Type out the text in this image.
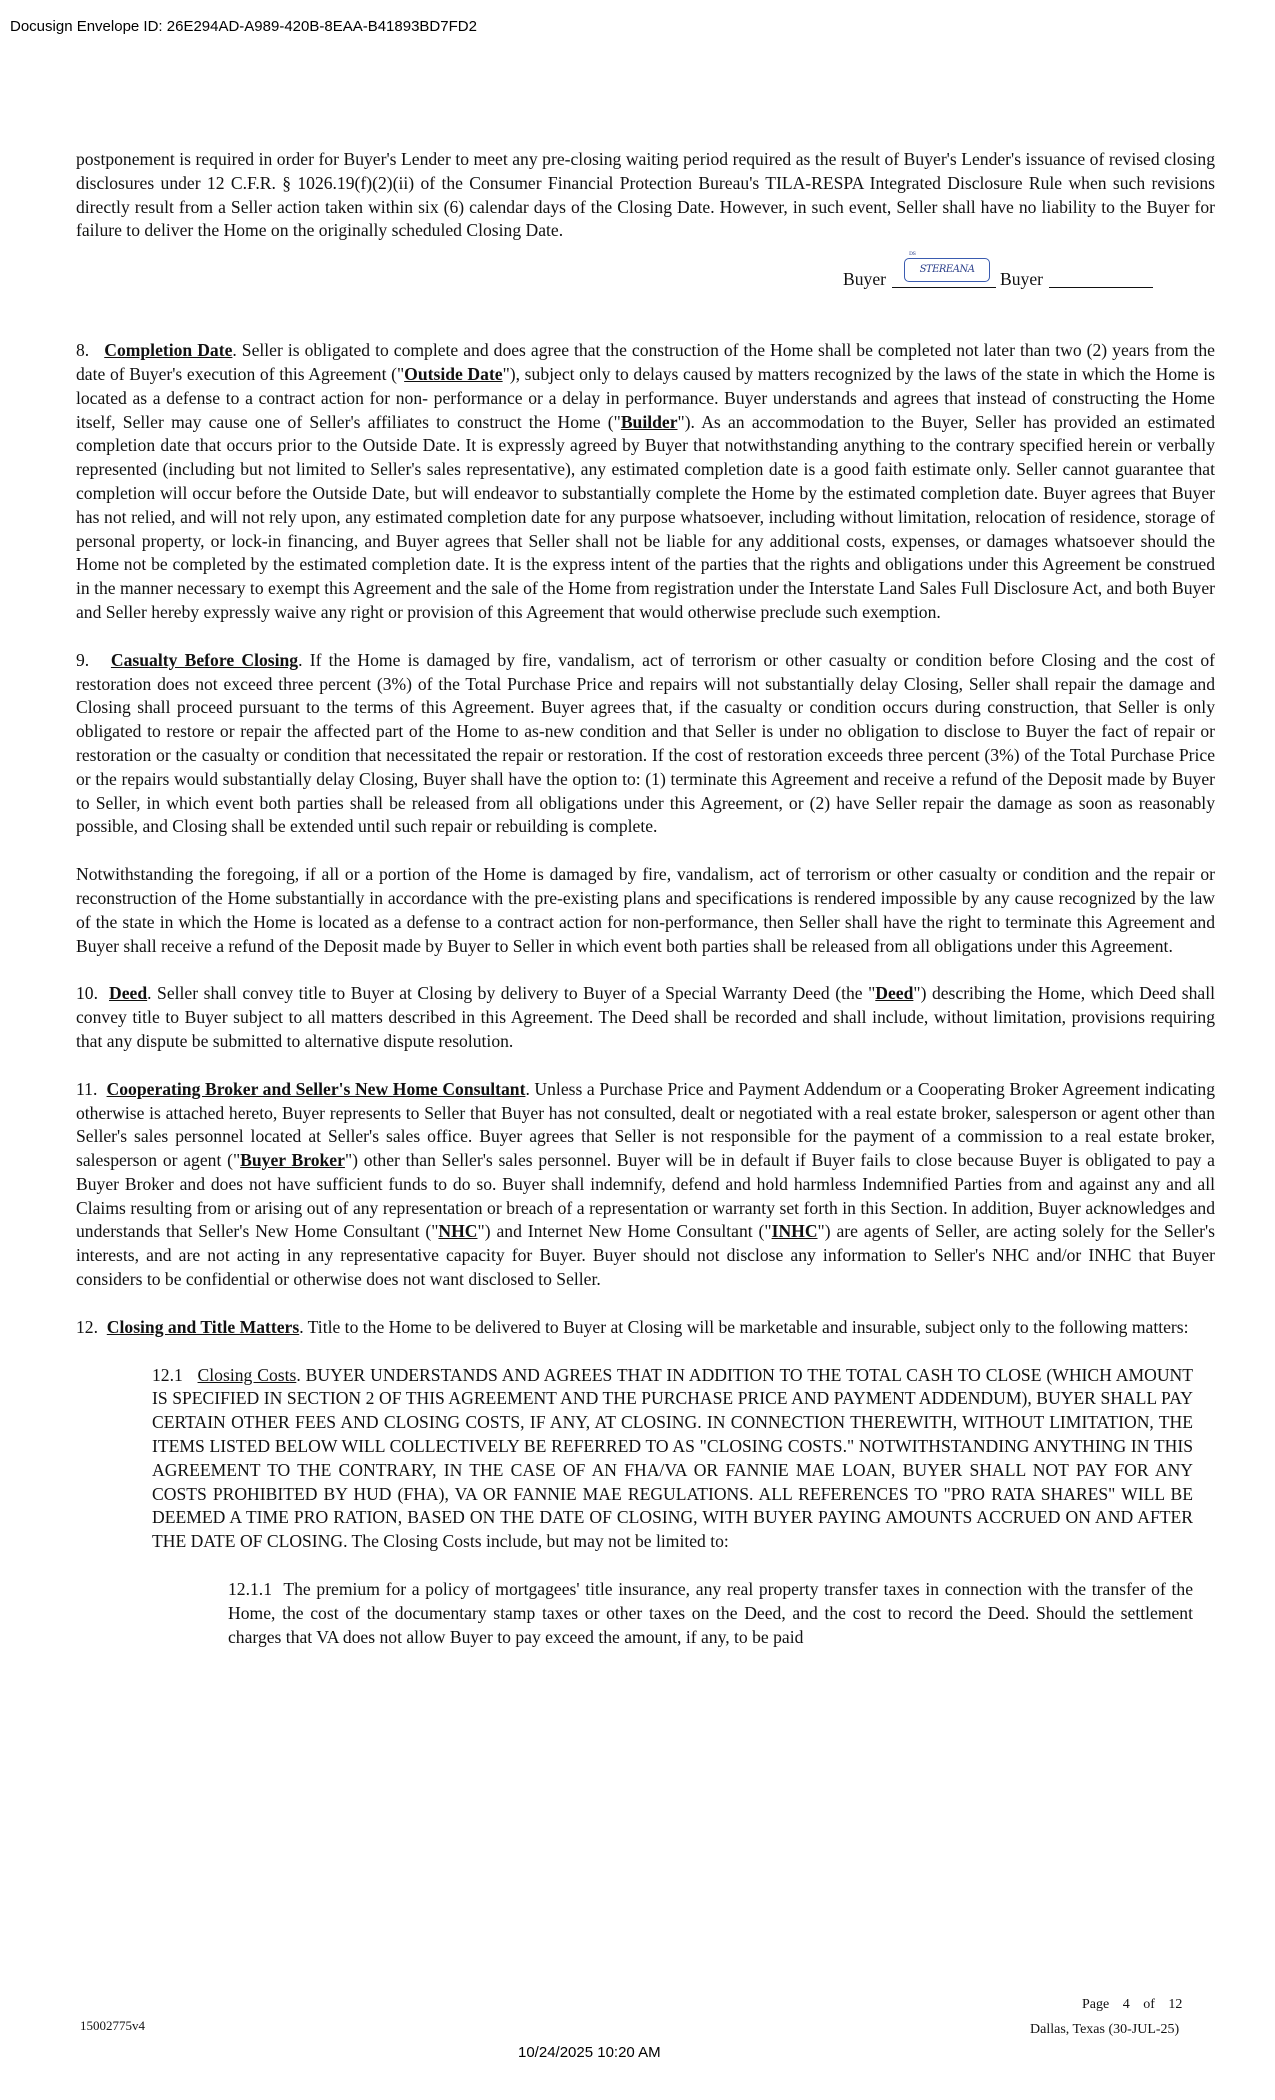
Docusign Envelope ID: 26E294AD-A989-420B-8EAA-B41893BD7FD2

postponement is required in order for Buyer's Lender to meet any pre-closing waiting period required as the result of Buyer's Lender's issuance of revised closing disclosures under 12 C.F.R. § 1026.19(f)(2)(ii) of the Consumer Financial Protection Bureau's TILA-RESPA Integrated Disclosure Rule when such revisions directly result from a Seller action taken within six (6) calendar days of the Closing Date. However, in such event, Seller shall have no liability to the Buyer for failure to deliver the Home on the originally scheduled Closing Date.

Buyer
DS
STEREANA	Buyer

8. Completion Date. Seller is obligated to complete and does agree that the construction of the Home shall be completed not later than two (2) years from the date of Buyer's execution of this Agreement ("Outside Date"), subject only to delays caused by matters recognized by the laws of the state in which the Home is located as a defense to a contract action for non- performance or a delay in performance. Buyer understands and agrees that instead of constructing the Home itself, Seller may cause one of Seller's affiliates to construct the Home ("Builder"). As an accommodation to the Buyer, Seller has provided an estimated completion date that occurs prior to the Outside Date. It is expressly agreed by Buyer that notwithstanding anything to the contrary specified herein or verbally represented (including but not limited to Seller's sales representative), any estimated completion date is a good faith estimate only. Seller cannot guarantee that completion will occur before the Outside Date, but will endeavor to substantially complete the Home by the estimated completion date. Buyer agrees that Buyer has not relied, and will not rely upon, any estimated completion date for any purpose whatsoever, including without limitation, relocation of residence, storage of personal property, or lock-in financing, and Buyer agrees that Seller shall not be liable for any additional costs, expenses, or damages whatsoever should the Home not be completed by the estimated completion date. It is the express intent of the parties that the rights and obligations under this Agreement be construed in the manner necessary to exempt this Agreement and the sale of the Home from registration under the Interstate Land Sales Full Disclosure Act, and both Buyer and Seller hereby expressly waive any right or provision of this Agreement that would otherwise preclude such exemption.

9. Casualty Before Closing. If the Home is damaged by fire, vandalism, act of terrorism or other casualty or condition before Closing and the cost of restoration does not exceed three percent (3%) of the Total Purchase Price and repairs will not substantially delay Closing, Seller shall repair the damage and Closing shall proceed pursuant to the terms of this Agreement. Buyer agrees that, if the casualty or condition occurs during construction, that Seller is only obligated to restore or repair the affected part of the Home to as-new condition and that Seller is under no obligation to disclose to Buyer the fact of repair or restoration or the casualty or condition that necessitated the repair or restoration. If the cost of restoration exceeds three percent (3%) of the Total Purchase Price or the repairs would substantially delay Closing, Buyer shall have the option to: (1) terminate this Agreement and receive a refund of the Deposit made by Buyer to Seller, in which event both parties shall be released from all obligations under this Agreement, or (2) have Seller repair the damage as soon as reasonably possible, and Closing shall be extended until such repair or rebuilding is complete.

Notwithstanding the foregoing, if all or a portion of the Home is damaged by fire, vandalism, act of terrorism or other casualty or condition and the repair or reconstruction of the Home substantially in accordance with the pre-existing plans and specifications is rendered impossible by any cause recognized by the law of the state in which the Home is located as a defense to a contract action for non-performance, then Seller shall have the right to terminate this Agreement and Buyer shall receive a refund of the Deposit made by Buyer to Seller in which event both parties shall be released from all obligations under this Agreement.

10. Deed. Seller shall convey title to Buyer at Closing by delivery to Buyer of a Special Warranty Deed (the "Deed") describing the Home, which Deed shall convey title to Buyer subject to all matters described in this Agreement. The Deed shall be recorded and shall include, without limitation, provisions requiring that any dispute be submitted to alternative dispute resolution.

11. Cooperating Broker and Seller's New Home Consultant. Unless a Purchase Price and Payment Addendum or a Cooperating Broker Agreement indicating otherwise is attached hereto, Buyer represents to Seller that Buyer has not consulted, dealt or negotiated with a real estate broker, salesperson or agent other than Seller's sales personnel located at Seller's sales office. Buyer agrees that Seller is not responsible for the payment of a commission to a real estate broker, salesperson or agent ("Buyer Broker") other than Seller's sales personnel. Buyer will be in default if Buyer fails to close because Buyer is obligated to pay a Buyer Broker and does not have sufficient funds to do so. Buyer shall indemnify, defend and hold harmless Indemnified Parties from and against any and all Claims resulting from or arising out of any representation or breach of a representation or warranty set forth in this Section. In addition, Buyer acknowledges and understands that Seller's New Home Consultant ("NHC") and Internet New Home Consultant ("INHC") are agents of Seller, are acting solely for the Seller's interests, and are not acting in any representative capacity for Buyer. Buyer should not disclose any information to Seller's NHC and/or INHC that Buyer considers to be confidential or otherwise does not want disclosed to Seller.

12. Closing and Title Matters. Title to the Home to be delivered to Buyer at Closing will be marketable and insurable, subject only to the following matters:

12.1 Closing Costs. BUYER UNDERSTANDS AND AGREES THAT IN ADDITION TO THE TOTAL CASH TO CLOSE (WHICH AMOUNT IS SPECIFIED IN SECTION 2 OF THIS AGREEMENT AND THE PURCHASE PRICE AND PAYMENT ADDENDUM), BUYER SHALL PAY CERTAIN OTHER FEES AND CLOSING COSTS, IF ANY, AT CLOSING. IN CONNECTION THEREWITH, WITHOUT LIMITATION, THE ITEMS LISTED BELOW WILL COLLECTIVELY BE REFERRED TO AS "CLOSING COSTS." NOTWITHSTANDING ANYTHING IN THIS AGREEMENT TO THE CONTRARY, IN THE CASE OF AN FHA/VA OR FANNIE MAE LOAN, BUYER SHALL NOT PAY FOR ANY COSTS PROHIBITED BY HUD (FHA), VA OR FANNIE MAE REGULATIONS. ALL REFERENCES TO "PRO RATA SHARES" WILL BE DEEMED A TIME PRO RATION, BASED ON THE DATE OF CLOSING, WITH BUYER PAYING AMOUNTS ACCRUED ON AND AFTER THE DATE OF CLOSING. The Closing Costs include, but may not be limited to:

12.1.1 The premium for a policy of mortgagees' title insurance, any real property transfer taxes in connection with the transfer of the Home, the cost of the documentary stamp taxes or other taxes on the Deed, and the cost to record the Deed. Should the settlement charges that VA does not allow Buyer to pay exceed the amount, if any, to be paid

15002775v4
Page 4 of 12
Dallas, Texas (30-JUL-25)
10/24/2025 10:20 AM
